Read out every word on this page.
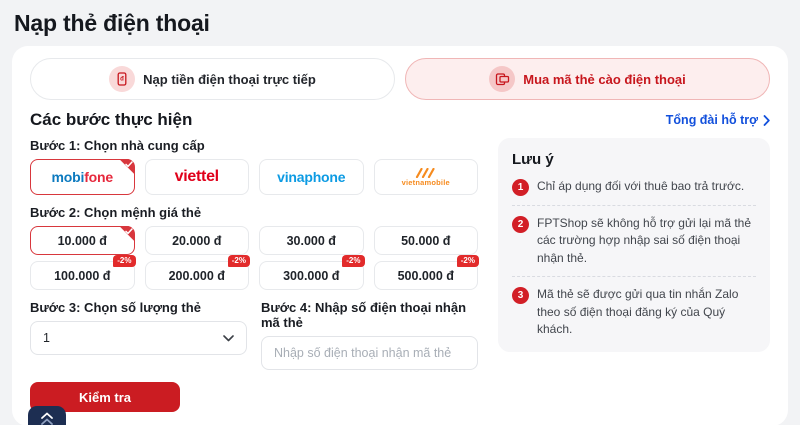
Nạp thẻ điện thoại
đ Nạp tiền điện thoại trực tiếp	Mua mã thẻ cào điện thoại
Các bước thực hiện	Tổng đài hỗ trợ
Bước 1: Chọn nhà cung cấp
mobifone	viettel	vinaphone	vietnamobile
Bước 2: Chọn mệnh giá thẻ
10.000 đ	20.000 đ	30.000 đ	50.000 đ
100.000 đ
-2%
200.000 đ
-2%
300.000 đ
-2%
500.000 đ
-2%
Bước 3: Chọn số lượng thẻ
1
Bước 4: Nhập số điện thoại nhận mã thẻ
Nhập số điện thoại nhận mã thẻ
Kiểm tra
Lưu ý
1	Chỉ áp dụng đối với thuê bao trả trước.
2	FPTShop sẽ không hỗ trợ gửi lại mã thẻ các trường hợp nhập sai số điện thoại nhận thẻ.
3	Mã thẻ sẽ được gửi qua tin nhắn Zalo theo số điện thoại đăng ký của Quý khách.
